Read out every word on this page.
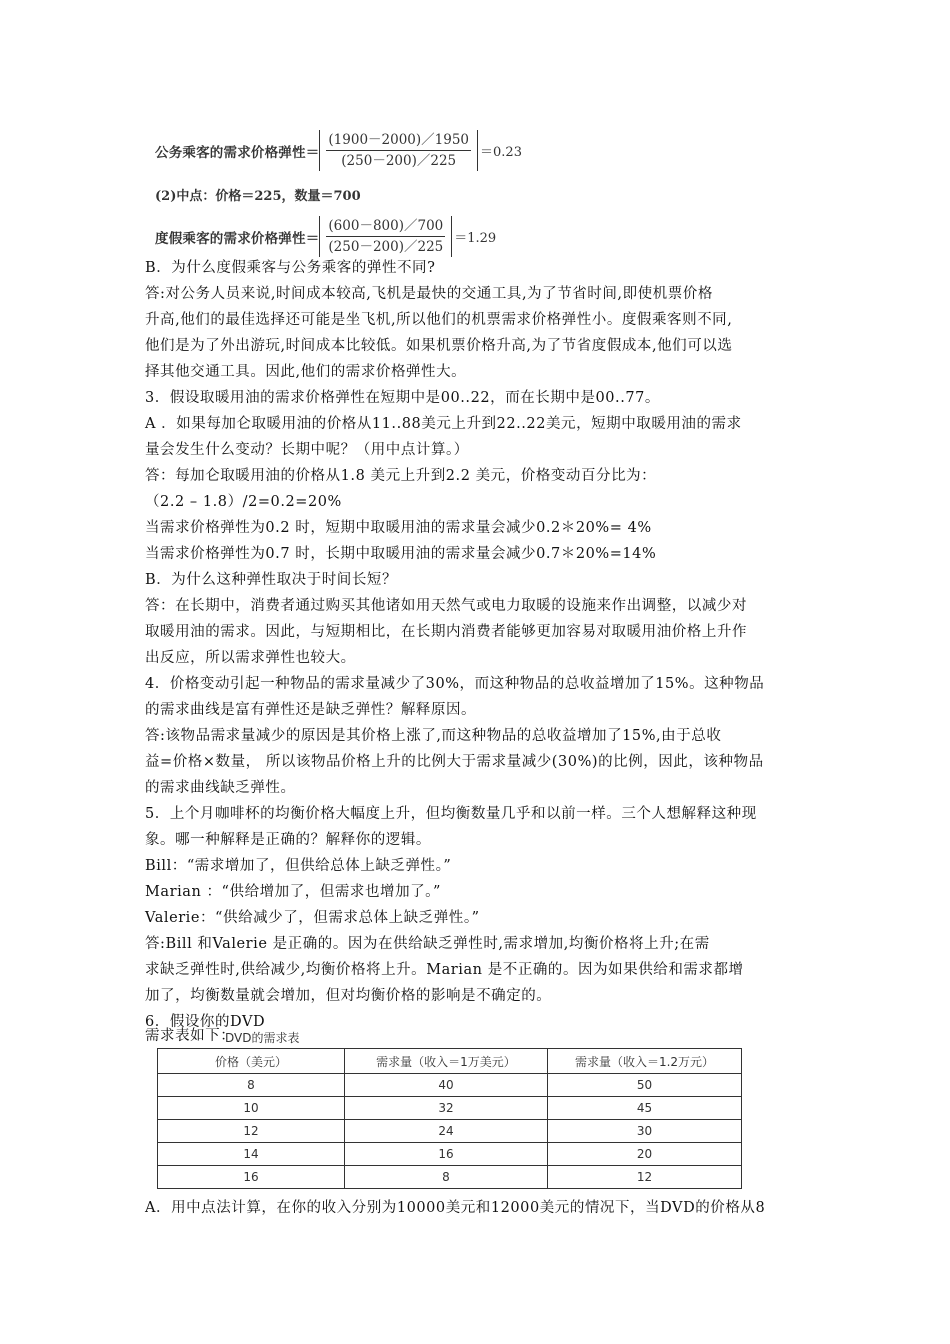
公务乘客的需求价格弹性＝ $\frac{(1900-2000)/1950}{(250-200)/225} =0.23$
(2)中点：价格＝225，数量＝700
度假乘客的需求价格弹性＝ $\frac{(600-800)/700}{(250-200)/225} =1.29$
B．为什么度假乘客与公务乘客的弹性不同?
答:对公务人员来说,时间成本较高,飞机是最快的交通工具,为了节省时间,即使机票价格
升高,他们的最佳选择还可能是坐飞机,所以他们的机票需求价格弹性小。度假乘客则不同,
他们是为了外出游玩,时间成本比较低。如果机票价格升高,为了节省度假成本,他们可以选
择其他交通工具。因此,他们的需求价格弹性大。
3．假设取暖用油的需求价格弹性在短期中是00..22，而在长期中是00..77。
A ．如果每加仑取暖用油的价格从11..88美元上升到22..22美元，短期中取暖用油的需求
量会发生什么变动？长期中呢？（用中点计算。）
答：每加仑取暖用油的价格从1.8 美元上升到2.2 美元，价格变动百分比为：
（2.2 – 1.8）/2=0.2=20%
当需求价格弹性为0.2 时，短期中取暖用油的需求量会减少0.2＊20%= 4%
当需求价格弹性为0.7 时，长期中取暖用油的需求量会减少0.7＊20%=14%
B．为什么这种弹性取决于时间长短？
答：在长期中，消费者通过购买其他诸如用天然气或电力取暖的设施来作出调整，以减少对
取暖用油的需求。因此，与短期相比，在长期内消费者能够更加容易对取暖用油价格上升作
出反应，所以需求弹性也较大。
4．价格变动引起一种物品的需求量减少了30%，而这种物品的总收益增加了15%。这种物品
的需求曲线是富有弹性还是缺乏弹性？解释原因。
答:该物品需求量减少的原因是其价格上涨了,而这种物品的总收益增加了15%,由于总收
益=价格×数量， 所以该物品价格上升的比例大于需求量减少(30%)的比例，因此，该种物品
的需求曲线缺乏弹性。
5．上个月咖啡杯的均衡价格大幅度上升，但均衡数量几乎和以前一样。三个人想解释这种现
象。哪一种解释是正确的？解释你的逻辑。
Bill：“需求增加了，但供给总体上缺乏弹性。”
Marian ：“供给增加了，但需求也增加了。”
Valerie：“供给减少了，但需求总体上缺乏弹性。”
答:Bill 和Valerie 是正确的。因为在供给缺乏弹性时,需求增加,均衡价格将上升;在需
求缺乏弹性时,供给减少,均衡价格将上升。Marian 是不正确的。因为如果供给和需求都增
加了，均衡数量就会增加，但对均衡价格的影响是不确定的。
6．假设你的DVD
需求表如下：
DVD的需求表
价格（美元）	需求量（收入＝1万美元）	需求量（收入＝1.2万元）
8	40	50
10	32	45
12	24	30
14	16	20
16	8	12
A．用中点法计算，在你的收入分别为10000美元和12000美元的情况下，当DVD的价格从8
